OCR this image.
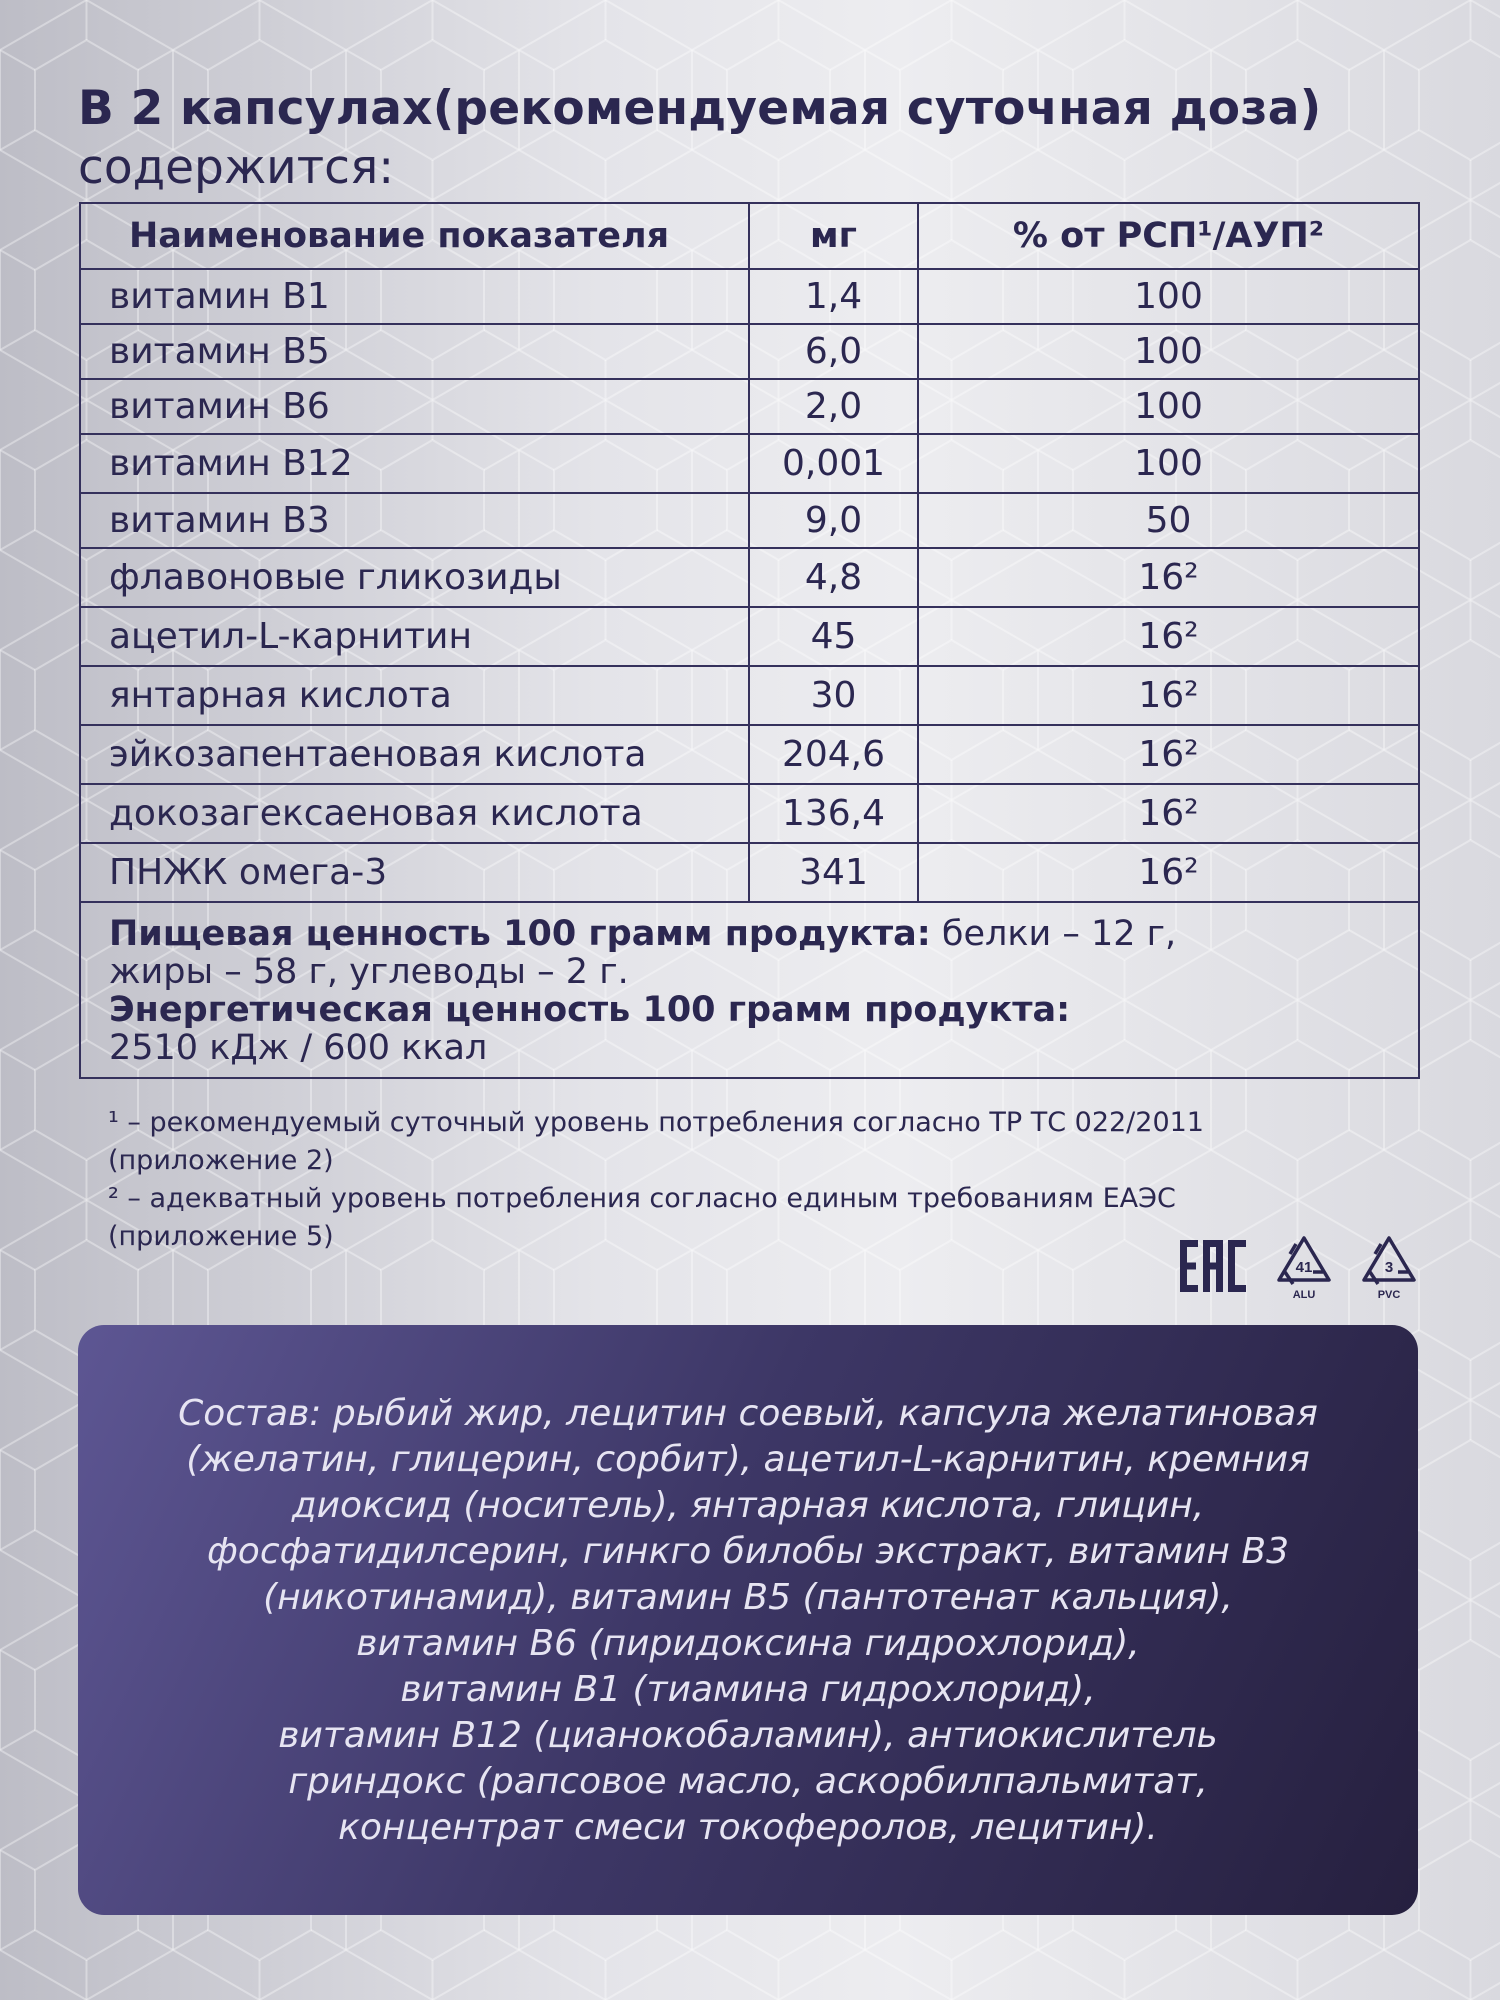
В 2 капсулах(рекомендуемая суточная доза)
содержится:
Наименование показателя	мг	% от РСП¹/АУП²
витамин В1	1,4	100
витамин В5	6,0	100
витамин В6	2,0	100
витамин В12	0,001	100
витамин В3	9,0	50
флавоновые гликозиды	4,8	16²
ацетил-L-карнитин	45	16²
янтарная кислота	30	16²
эйкозапентаеновая кислота	204,6	16²
докозагексаеновая кислота	136,4	16²
ПНЖК омега-3	341	16²

Пищевая ценность 100 грамм продукта: белки – 12 г,
жиры – 58 г, углеводы – 2 г.
Энергетическая ценность 100 грамм продукта:
2510 кДж / 600 ккал		
¹ – рекомендуемый суточный уровень потребления согласно ТР ТС 022/2011
(приложение 2)
² – адекватный уровень потребления согласно единым требованиям ЕАЭС
(приложение 5)
41
ALU
3
PVC
Состав: рыбий жир, лецитин соевый, капсула желатиновая
(желатин, глицерин, сорбит), ацетил-L-карнитин, кремния
диоксид (носитель), янтарная кислота, глицин,
фосфатидилсерин, гинкго билобы экстракт, витамин В3
(никотинамид), витамин В5 (пантотенат кальция),
витамин В6 (пиридоксина гидрохлорид),
витамин В1 (тиамина гидрохлорид),
витамин В12 (цианокобаламин), антиокислитель
гриндокс (рапсовое масло, аскорбилпальмитат,
концентрат смеси токоферолов, лецитин).
